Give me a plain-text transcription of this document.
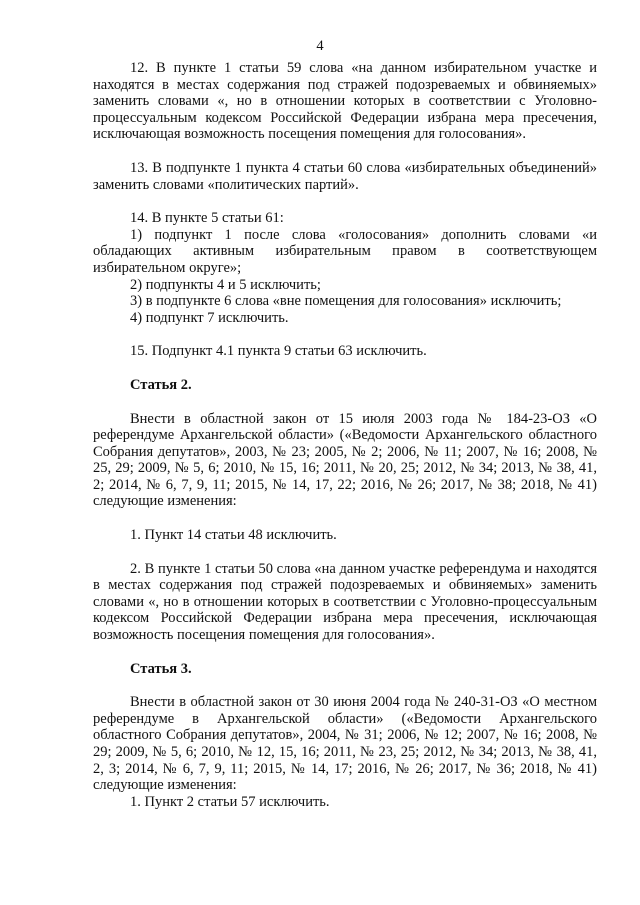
4

12. В пункте 1 статьи 59 слова «на данном избирательном участке и находятся в местах содержания под стражей подозреваемых и обвиняемых» заменить словами «, но в отношении которых в соответствии с Уголовно-процессуальным кодексом Российской Федерации избрана мера пресечения, исключающая возможность посещения помещения для голосования».

13. В подпункте 1 пункта 4 статьи 60 слова «избирательных объединений» заменить словами «политических партий».

14. В пункте 5 статьи 61:

1) подпункт 1 после слова «голосования» дополнить словами «и обладающих активным избирательным правом в соответствующем избирательном округе»;

2) подпункты 4 и 5 исключить;

3) в подпункте 6 слова «вне помещения для голосования» исключить;

4) подпункт 7 исключить.

15. Подпункт 4.1 пункта 9 статьи 63 исключить.

Статья 2.

Внести в областной закон от 15 июля 2003 года № 184-23-ОЗ «О референдуме Архангельской области» («Ведомости Архангельского областного Собрания депутатов», 2003, № 23; 2005, № 2; 2006, № 11; 2007, № 16; 2008, № 25, 29; 2009, № 5, 6; 2010, № 15, 16; 2011, № 20, 25; 2012, № 34; 2013, № 38, 41, 2; 2014, № 6, 7, 9, 11; 2015, № 14, 17, 22; 2016, № 26; 2017, № 38; 2018, № 41) следующие изменения:

1. Пункт 14 статьи 48 исключить.

2. В пункте 1 статьи 50 слова «на данном участке референдума и находятся в местах содержания под стражей подозреваемых и обвиняемых» заменить словами «, но в отношении которых в соответствии с Уголовно-процессуальным кодексом Российской Федерации избрана мера пресечения, исключающая возможность посещения помещения для голосования».

Статья 3.

Внести в областной закон от 30 июня 2004 года № 240-31-ОЗ «О местном референдуме в Архангельской области» («Ведомости Архангельского областного Собрания депутатов», 2004, № 31; 2006, № 12; 2007, № 16; 2008, № 29; 2009, № 5, 6; 2010, № 12, 15, 16; 2011, № 23, 25; 2012, № 34; 2013, № 38, 41, 2, 3; 2014, № 6, 7, 9, 11; 2015, № 14, 17; 2016, № 26; 2017, № 36; 2018, № 41) следующие изменения:

1. Пункт 2 статьи 57 исключить.
